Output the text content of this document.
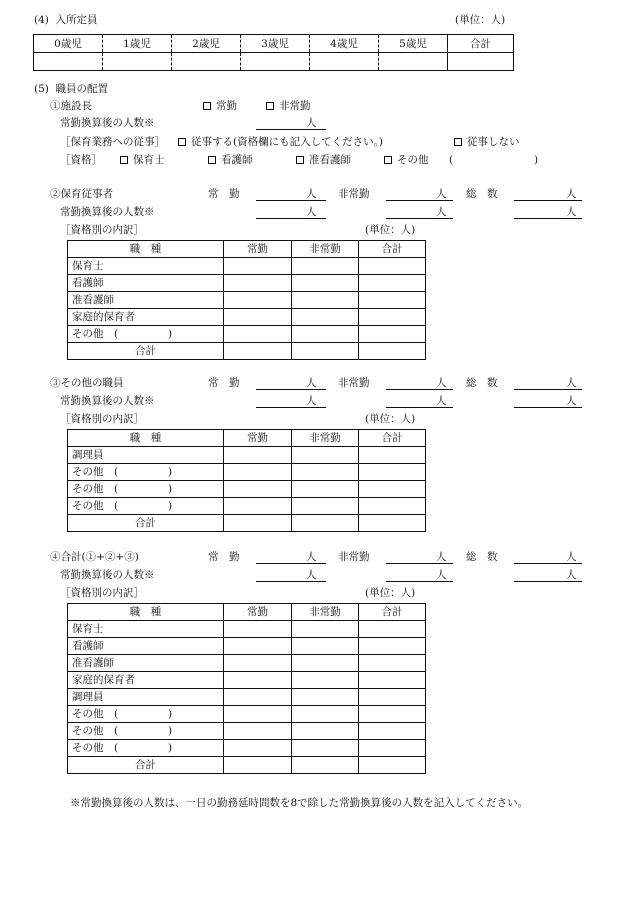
(4)  入所定員	(単位：人)
0歳児	1歳児	2歳児	3歳児	4歳児	5歳児	合計

(5)  職員の配置
①施設長	常勤	非常勤
常勤換算後の人数※	人
［保育業務への従事］	従事する(資格欄にも記入してください。)	従事しない
［資格］	保育士	看護師	准看護師	その他 (	)
②保育従事者	常　勤	人 非常勤	人 総　数	人
常勤換算後の人数※	人	人	人
［資格別の内訳］	(単位：人)
職　種	常勤	非常勤	合計
保育士			
看護師			
准看護師			
家庭的保育者			
その他　( )			
合計			
③その他の職員	常　勤	人 非常勤	人 総　数	人
常勤換算後の人数※	人	人	人
［資格別の内訳］	(単位：人)
職　種	常勤	非常勤	合計
調理員			
その他　( )			
その他　( )			
その他　( )			
合計			
④合計(①+②+③)	常　勤	人 非常勤	人 総　数	人
常勤換算後の人数※	人	人	人
［資格別の内訳］	(単位：人)
職　種	常勤	非常勤	合計
保育士			
看護師			
准看護師			
家庭的保育者			
調理員			
その他　( )			
その他　( )			
その他　( )			
合計			
※常勤換算後の人数は、一日の勤務延時間数を8で除した常勤換算後の人数を記入してください。
